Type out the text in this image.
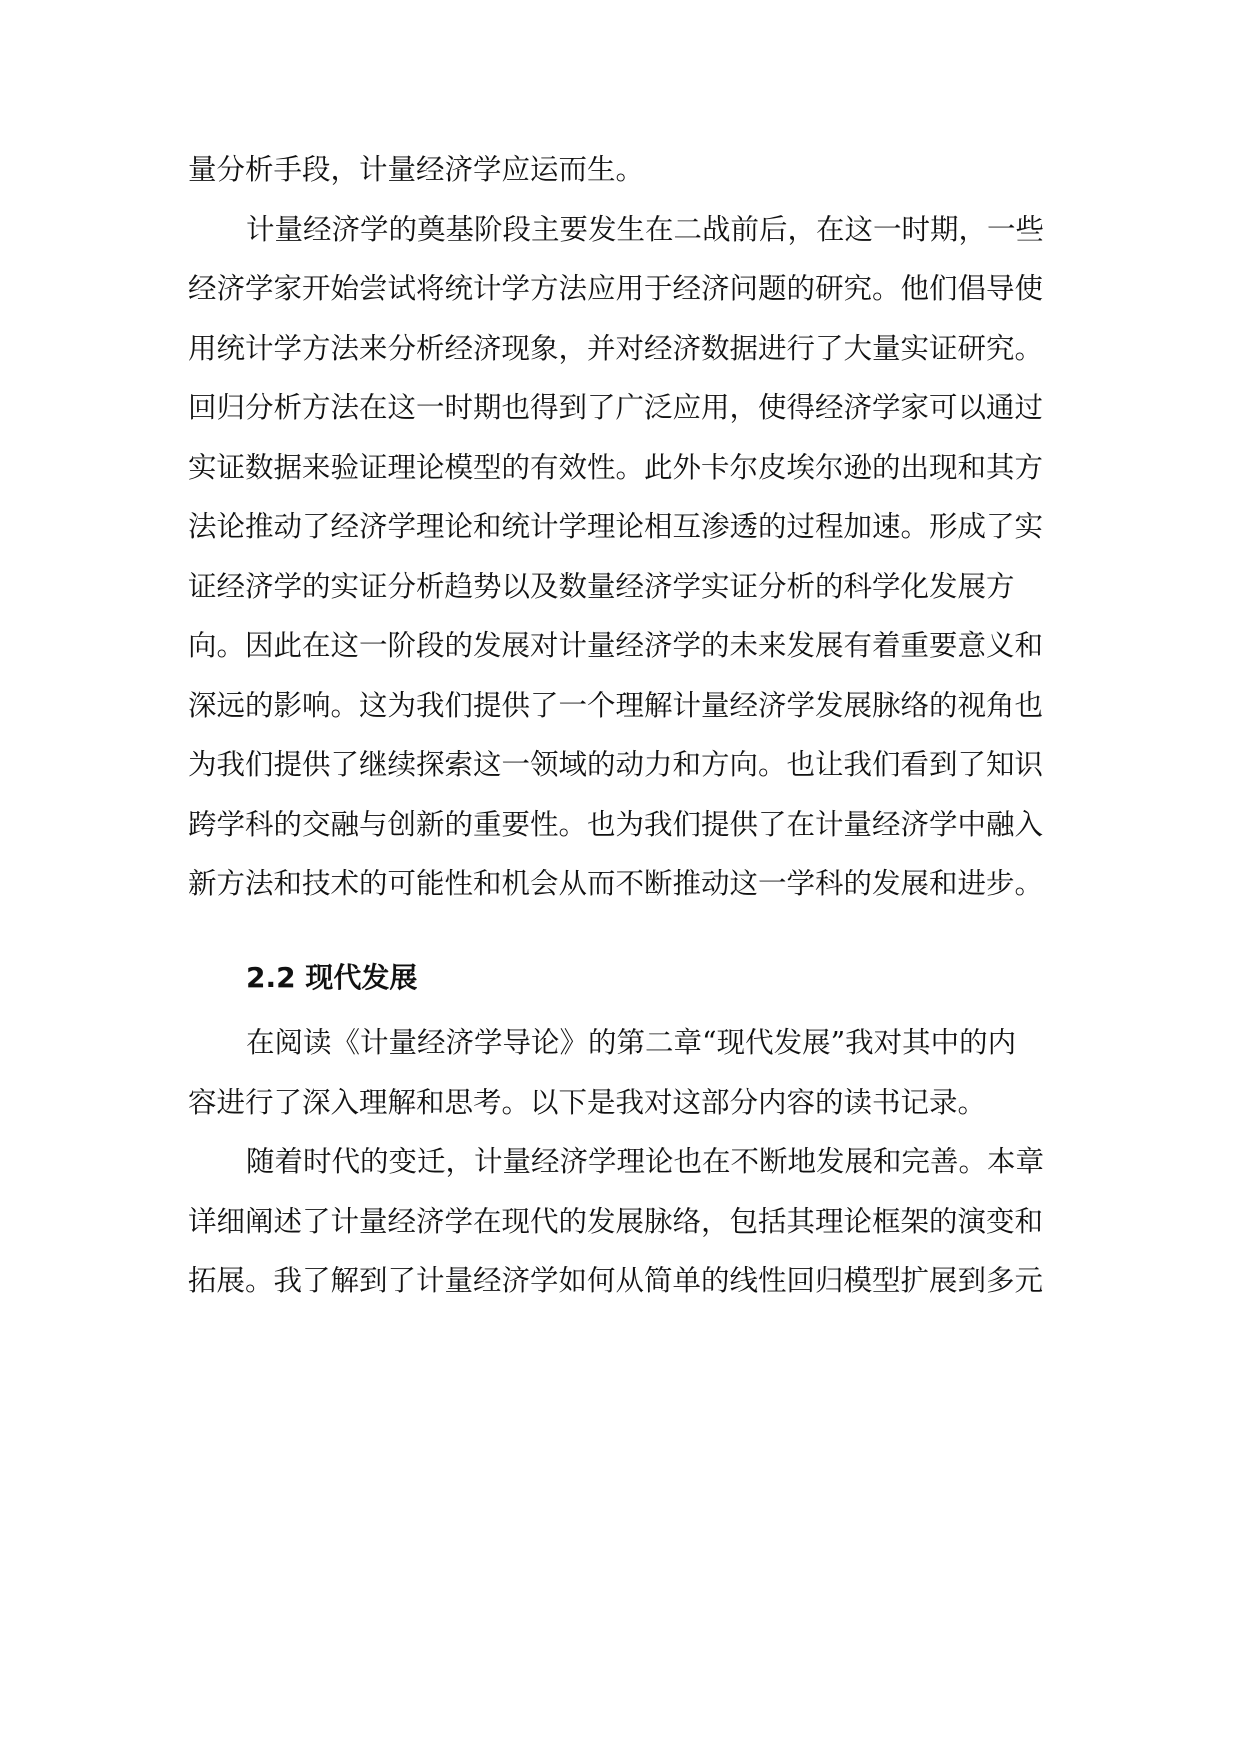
量分析手段，计量经济学应运而生。
计量经济学的奠基阶段主要发生在二战前后，在这一时期，一些
经济学家开始尝试将统计学方法应用于经济问题的研究。他们倡导使
用统计学方法来分析经济现象，并对经济数据进行了大量实证研究。
回归分析方法在这一时期也得到了广泛应用，使得经济学家可以通过
实证数据来验证理论模型的有效性。此外卡尔皮埃尔逊的出现和其方
法论推动了经济学理论和统计学理论相互渗透的过程加速。形成了实
证经济学的实证分析趋势以及数量经济学实证分析的科学化发展方
向。因此在这一阶段的发展对计量经济学的未来发展有着重要意义和
深远的影响。这为我们提供了一个理解计量经济学发展脉络的视角也
为我们提供了继续探索这一领域的动力和方向。也让我们看到了知识
跨学科的交融与创新的重要性。也为我们提供了在计量经济学中融入
新方法和技术的可能性和机会从而不断推动这一学科的发展和进步。
2.2 现代发展
在阅读《计量经济学导论》的第二章“现代发展”我对其中的内
容进行了深入理解和思考。以下是我对这部分内容的读书记录。
随着时代的变迁，计量经济学理论也在不断地发展和完善。本章
详细阐述了计量经济学在现代的发展脉络，包括其理论框架的演变和
拓展。我了解到了计量经济学如何从简单的线性回归模型扩展到多元
